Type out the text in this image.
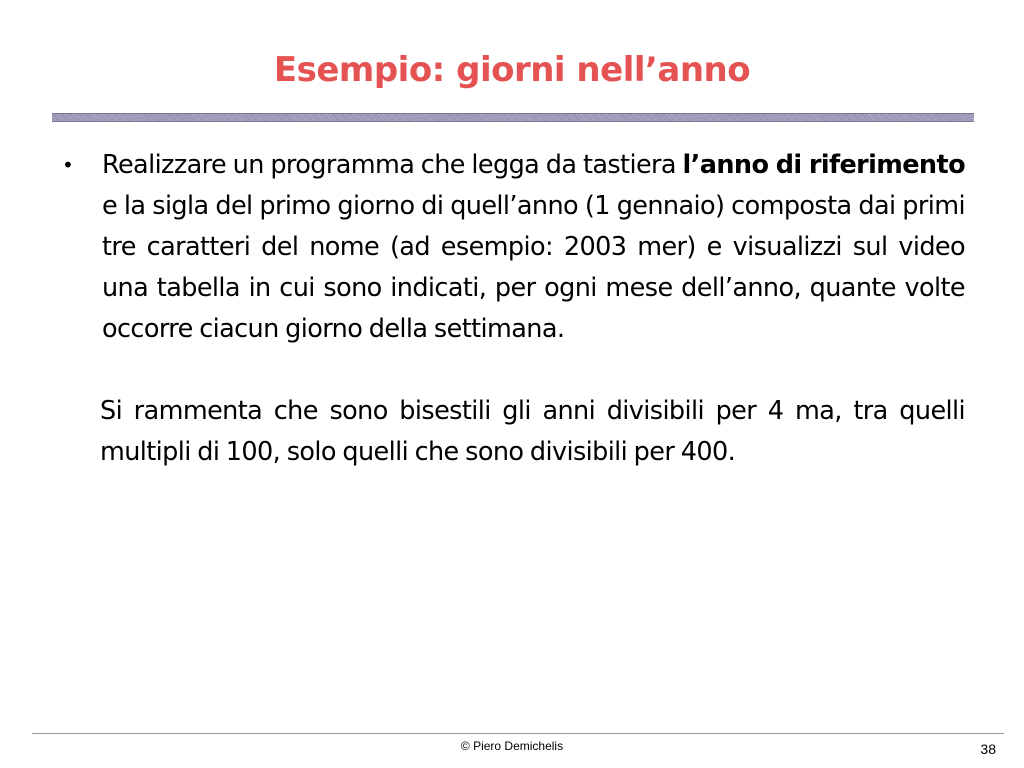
Esempio: giorni nell’anno
•	Realizzare un programma che legga da tastiera l’anno di riferimento e la sigla del primo giorno di quell’anno (1 gennaio) composta dai primi tre caratteri del nome (ad esempio: 2003 mer) e visualizzi sul video una tabella in cui sono indicati, per ogni mese dell’anno, quante volte occorre ciacun giorno della settimana.
Si rammenta che sono bisestili gli anni divisibili per 4 ma, tra quelli multipli di 100, solo quelli che sono divisibili per 400.
© Piero Demichelis	38
